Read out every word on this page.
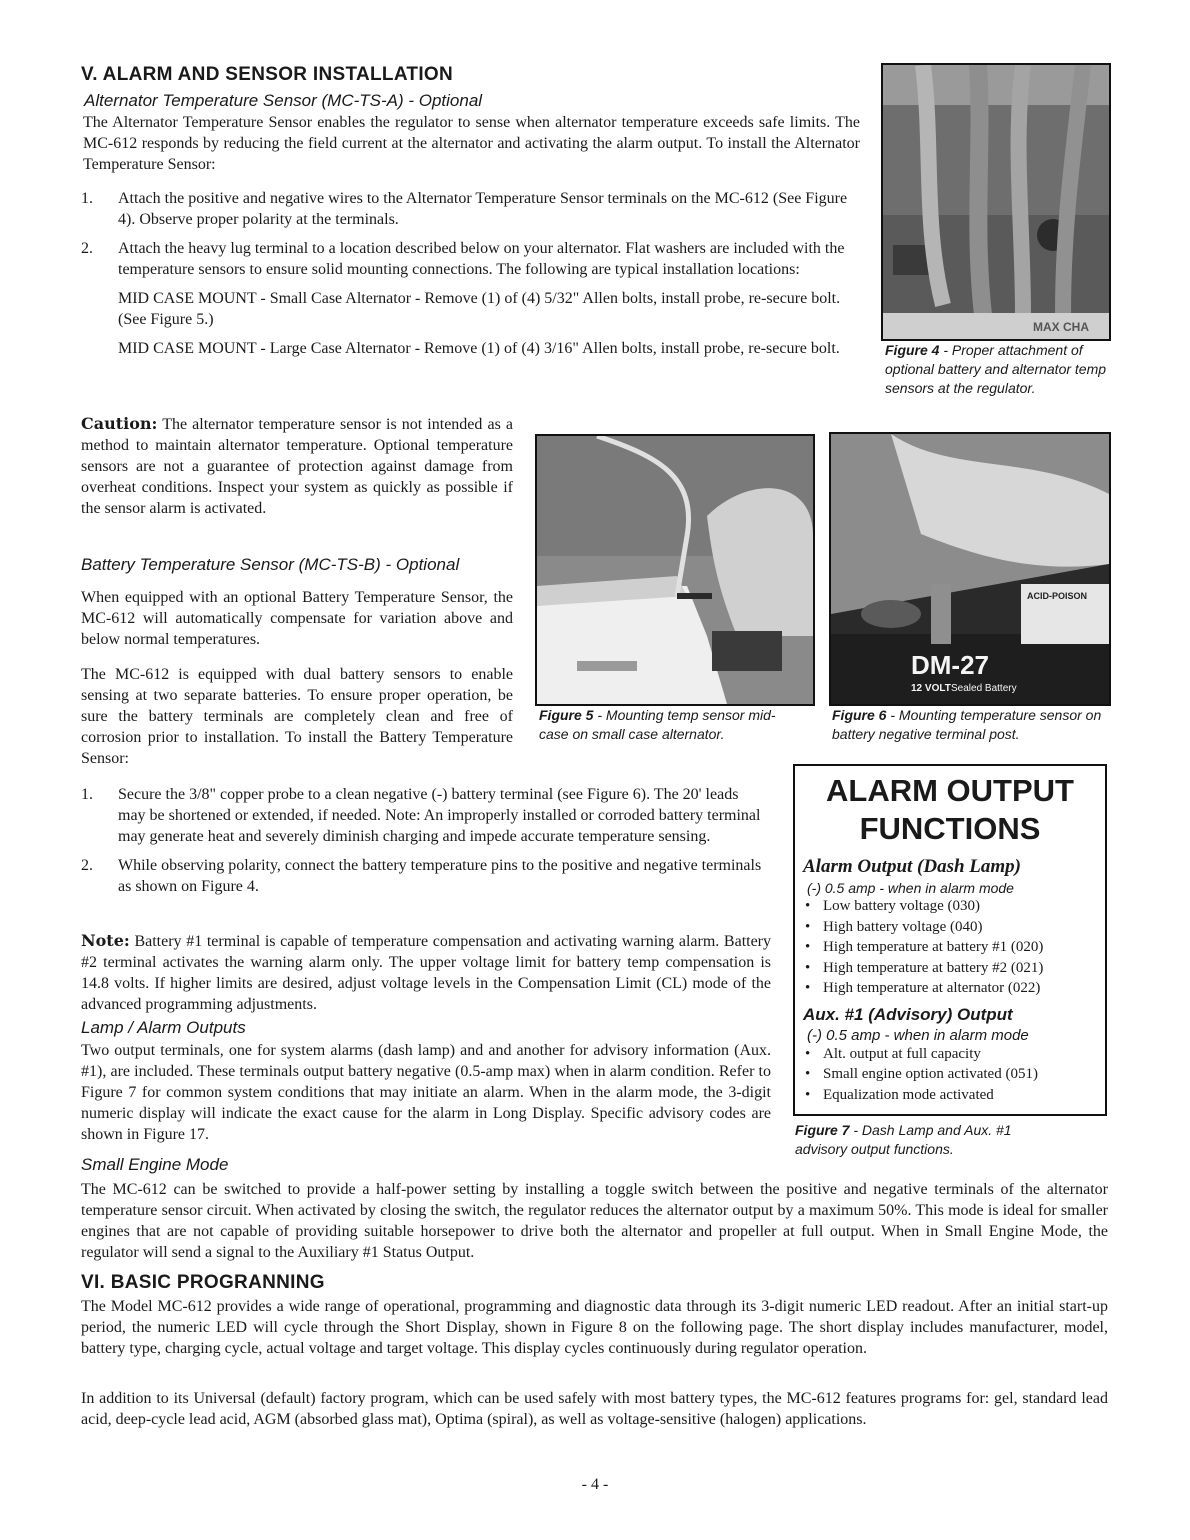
V. ALARM AND SENSOR INSTALLATION
Alternator Temperature Sensor (MC-TS-A) - Optional
The Alternator Temperature Sensor enables the regulator to sense when alternator temperature exceeds safe limits. The MC-612 responds by reducing the field current at the alternator and activating the alarm output. To install the Alternator Temperature Sensor:
1. Attach the positive and negative wires to the Alternator Temperature Sensor terminals on the MC-612 (See Figure 4). Observe proper polarity at the terminals.
2. Attach the heavy lug terminal to a location described below on your alternator. Flat washers are included with the temperature sensors to ensure solid mounting connections. The following are typical installation locations:
MID CASE MOUNT - Small Case Alternator - Remove (1) of (4) 5/32" Allen bolts, install probe, re-secure bolt. (See Figure 5.)
MID CASE MOUNT - Large Case Alternator - Remove (1) of (4) 3/16" Allen bolts, install probe, re-secure bolt.
MAX CHA
Figure 4 - Proper attachment of optional battery and alternator temp sensors at the regulator.
Caution: The alternator temperature sensor is not intended as a method to maintain alternator temperature. Optional temperature sensors are not a guarantee of protection against damage from overheat conditions. Inspect your system as quickly as possible if the sensor alarm is activated.
Battery Temperature Sensor (MC-TS-B) - Optional
When equipped with an optional Battery Temperature Sensor, the MC-612 will automatically compensate for variation above and below normal temperatures.
The MC-612 is equipped with dual battery sensors to enable sensing at two separate batteries. To ensure proper operation, be sure the battery terminals are completely clean and free of corrosion prior to installation. To install the Battery Temperature Sensor:
Figure 5 - Mounting temp sensor mid-case on small case alternator.
ACID-POISON
DM-27
12 VOLT Sealed Battery
Figure 6 - Mounting temperature sensor on battery negative terminal post.
1. Secure the 3/8" copper probe to a clean negative (-) battery terminal (see Figure 6). The 20' leads may be shortened or extended, if needed. Note: An improperly installed or corroded battery terminal may generate heat and severely diminish charging and impede accurate temperature sensing.
2. While observing polarity, connect the battery temperature pins to the positive and negative terminals as shown on Figure 4.
Note: Battery #1 terminal is capable of temperature compensation and activating warning alarm. Battery #2 terminal activates the warning alarm only. The upper voltage limit for battery temp compensation is 14.8 volts. If higher limits are desired, adjust voltage levels in the Compensation Limit (CL) mode of the advanced programming adjustments.
Lamp / Alarm Outputs
Two output terminals, one for system alarms (dash lamp) and and another for advisory information (Aux. #1), are included. These terminals output battery negative (0.5-amp max) when in alarm condition. Refer to Figure 7 for common system conditions that may initiate an alarm. When in the alarm mode, the 3-digit numeric display will indicate the exact cause for the alarm in Long Display. Specific advisory codes are shown in Figure 17.
ALARM OUTPUT
FUNCTIONS
Alarm Output (Dash Lamp)
(-) 0.5 amp - when in alarm mode
• Low battery voltage (030)
• High battery voltage (040)
• High temperature at battery #1 (020)
• High temperature at battery #2 (021)
• High temperature at alternator (022)
Aux. #1 (Advisory) Output
(-) 0.5 amp - when in alarm mode
• Alt. output at full capacity
• Small engine option activated (051)
• Equalization mode activated
Figure 7 - Dash Lamp and Aux. #1 advisory output functions.
Small Engine Mode
The MC-612 can be switched to provide a half-power setting by installing a toggle switch between the positive and negative terminals of the alternator temperature sensor circuit. When activated by closing the switch, the regulator reduces the alternator output by a maximum 50%. This mode is ideal for smaller engines that are not capable of providing suitable horsepower to drive both the alternator and propeller at full output. When in Small Engine Mode, the regulator will send a signal to the Auxiliary #1 Status Output.
VI. BASIC PROGRANNING
The Model MC-612 provides a wide range of operational, programming and diagnostic data through its 3-digit numeric LED readout. After an initial start-up period, the numeric LED will cycle through the Short Display, shown in Figure 8 on the following page. The short display includes manufacturer, model, battery type, charging cycle, actual voltage and target voltage. This display cycles continuously during regulator operation.
In addition to its Universal (default) factory program, which can be used safely with most battery types, the MC-612 features programs for: gel, standard lead acid, deep-cycle lead acid, AGM (absorbed glass mat), Optima (spiral), as well as voltage-sensitive (halogen) applications.
- 4 -
